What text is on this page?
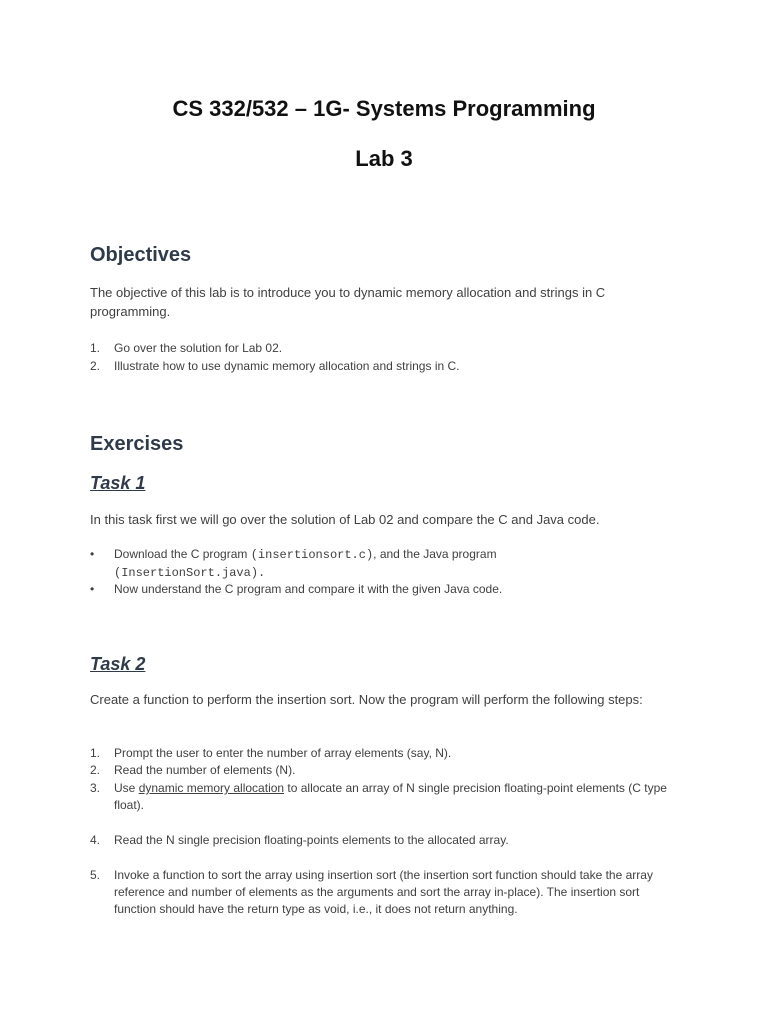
CS 332/532 – 1G- Systems Programming
Lab 3
Objectives
The objective of this lab is to introduce you to dynamic memory allocation and strings in C programming.
1.	Go over the solution for Lab 02.
2.	Illustrate how to use dynamic memory allocation and strings in C.
Exercises
Task 1
In this task first we will go over the solution of Lab 02 and compare the C and Java code.
•	Download the C program (insertionsort.c), and the Java program
(InsertionSort.java).
•	Now understand the C program and compare it with the given Java code.
Task 2
Create a function to perform the insertion sort. Now the program will perform the following steps:
1.	Prompt the user to enter the number of array elements (say, N).
2.	Read the number of elements (N).
3.	Use dynamic memory allocation to allocate an array of N single precision floating-point elements (C type float).
4.	Read the N single precision floating-points elements to the allocated array.
5.	Invoke a function to sort the array using insertion sort (the insertion sort function should take the array reference and number of elements as the arguments and sort the array in-place). The insertion sort function should have the return type as void, i.e., it does not return anything.
